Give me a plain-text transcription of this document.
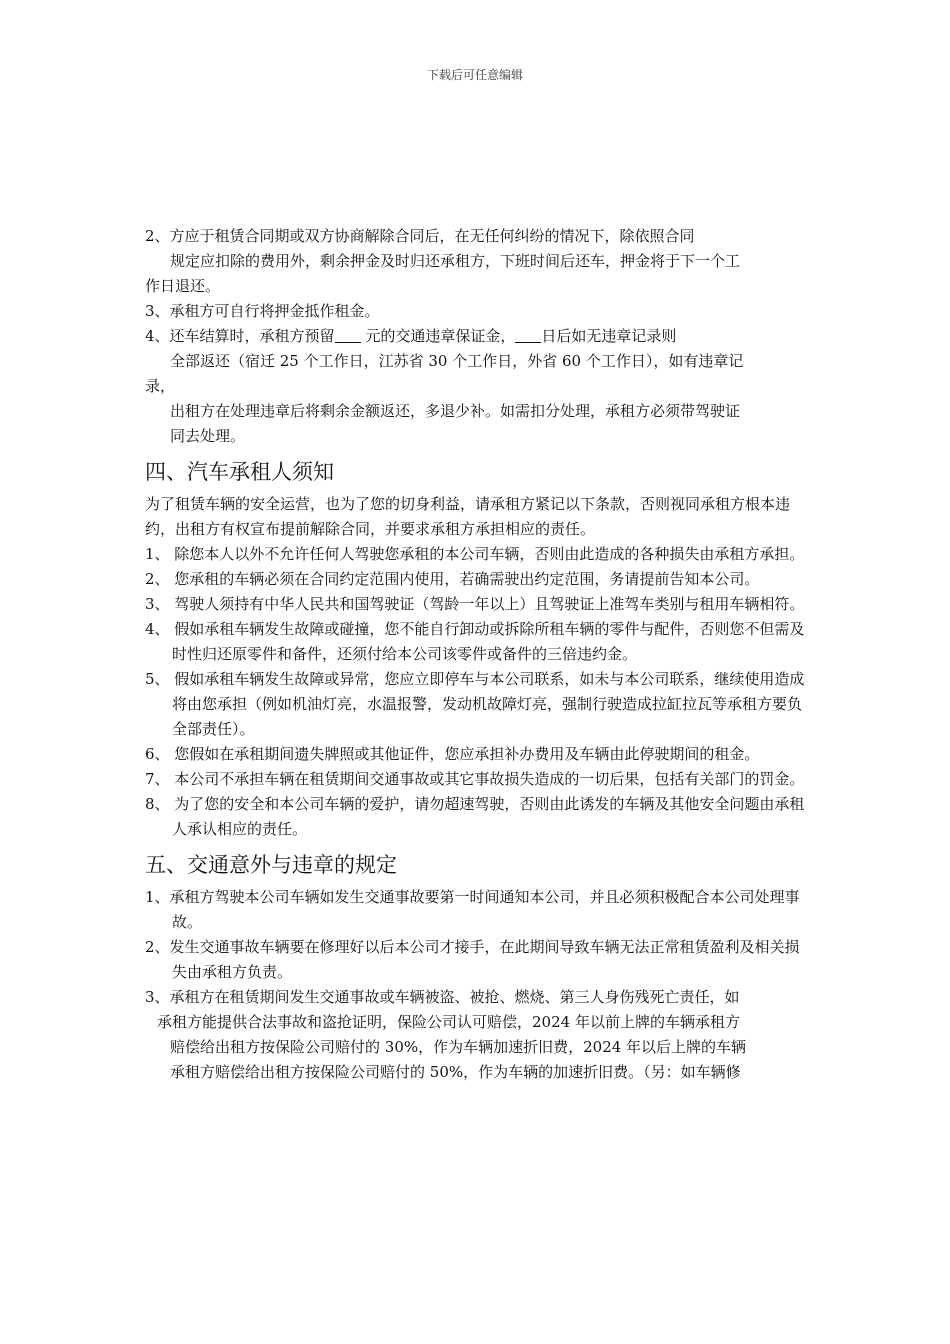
下载后可任意编辑

2、方应于租赁合同期或双方协商解除合同后，在无任何纠纷的情况下，除依照合同

规定应扣除的费用外，剩余押金及时归还承租方，下班时间后还车，押金将于下一个工

作日退还。

3、承租方可自行将押金抵作租金。

4、还车结算时，承租方预留 元的交通违章保证金， 日后如无违章记录则

全部返还（宿迁 25 个工作日，江苏省 30 个工作日，外省 60 个工作日），如有违章记

录，

出租方在处理违章后将剩余金额返还，多退少补。如需扣分处理，承租方必须带驾驶证

同去处理。

四、汽车承租人须知

为了租赁车辆的安全运营，也为了您的切身利益，请承租方紧记以下条款，否则视同承租方根本违约，出租方有权宣布提前解除合同，并要求承租方承担相应的责任。

1、 除您本人以外不允许任何人驾驶您承租的本公司车辆，否则由此造成的各种损失由承租方承担。

2、 您承租的车辆必须在合同约定范围内使用，若确需驶出约定范围，务请提前告知本公司。

3、 驾驶人须持有中华人民共和国驾驶证（驾龄一年以上）且驾驶证上准驾车类别与租用车辆相符。

4、 假如承租车辆发生故障或碰撞，您不能自行卸动或拆除所租车辆的零件与配件，否则您不但需及时性归还原零件和备件，还须付给本公司该零件或备件的三倍违约金。

5、 假如承租车辆发生故障或异常，您应立即停车与本公司联系，如未与本公司联系，继续使用造成将由您承担（例如机油灯亮，水温报警，发动机故障灯亮，强制行驶造成拉缸拉瓦等承租方要负全部责任）。

6、 您假如在承租期间遗失牌照或其他证件，您应承担补办费用及车辆由此停驶期间的租金。

7、 本公司不承担车辆在租赁期间交通事故或其它事故损失造成的一切后果，包括有关部门的罚金。

8、 为了您的安全和本公司车辆的爱护，请勿超速驾驶，否则由此诱发的车辆及其他安全问题由承租人承认相应的责任。

五、交通意外与违章的规定

1、承租方驾驶本公司车辆如发生交通事故要第一时间通知本公司，并且必须积极配合本公司处理事故。

2、发生交通事故车辆要在修理好以后本公司才接手，在此期间导致车辆无法正常租赁盈利及相关损失由承租方负责。

3、承租方在租赁期间发生交通事故或车辆被盗、被抢、燃烧、第三人身伤残死亡责任，如

承租方能提供合法事故和盗抢证明，保险公司认可赔偿，2024 年以前上牌的车辆承租方

赔偿给出租方按保险公司赔付的 30%，作为车辆加速折旧费，2024 年以后上牌的车辆

承租方赔偿给出租方按保险公司赔付的 50%，作为车辆的加速折旧费。（另：如车辆修
